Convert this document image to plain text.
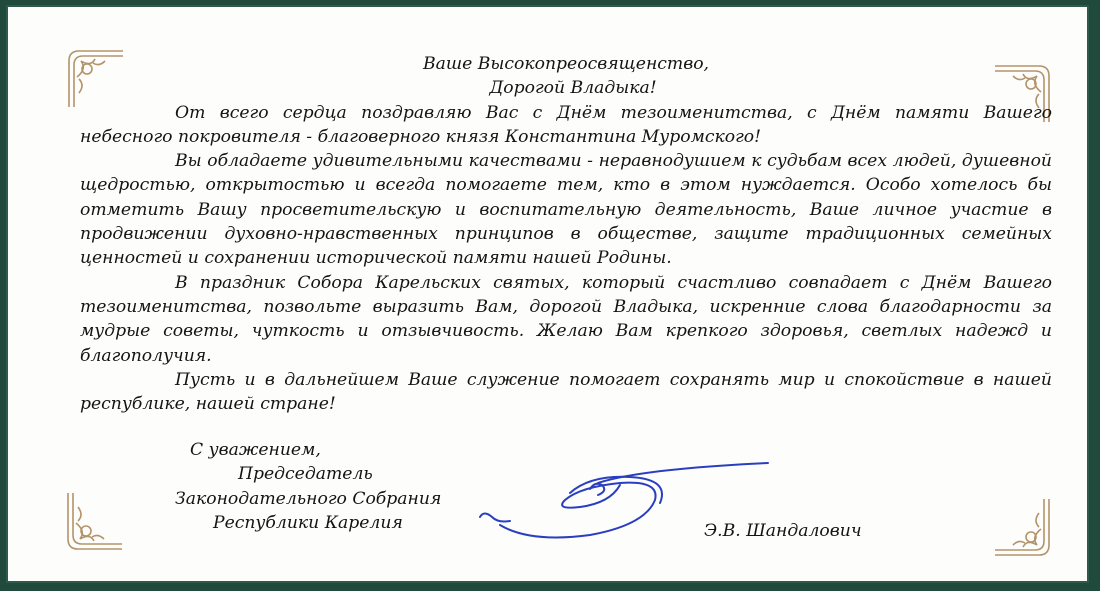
Ваше Высокопреосвященство,

Дорогой Владыка!

От всего сердца поздравляю Вас с Днём тезоименитства, с Днём памяти Вашего небесного покровителя - благоверного князя Константина Муромского!

Вы обладаете удивительными качествами - неравнодушием к судьбам всех людей, душевной щедростью, открытостью и всегда помогаете тем, кто в этом нуждается. Особо хотелось бы отметить Вашу просветительскую и воспитательную деятельность, Ваше личное участие в продвижении духовно-нравственных принципов в обществе, защите традиционных семейных ценностей и сохранении исторической памяти нашей Родины.

В праздник Собора Карельских святых, который счастливо совпадает с Днём Вашего тезоименитства, позвольте выразить Вам, дорогой Владыка, искренние слова благодарности за мудрые советы, чуткость и отзывчивость. Желаю Вам крепкого здоровья, светлых надежд и благополучия.

Пусть и в дальнейшем Ваше служение помогает сохранять мир и спокойствие в нашей республике, нашей стране!

С уважением,
Председатель
Законодательного Собрания
Республики Карелия	Э.В. Шандалович
